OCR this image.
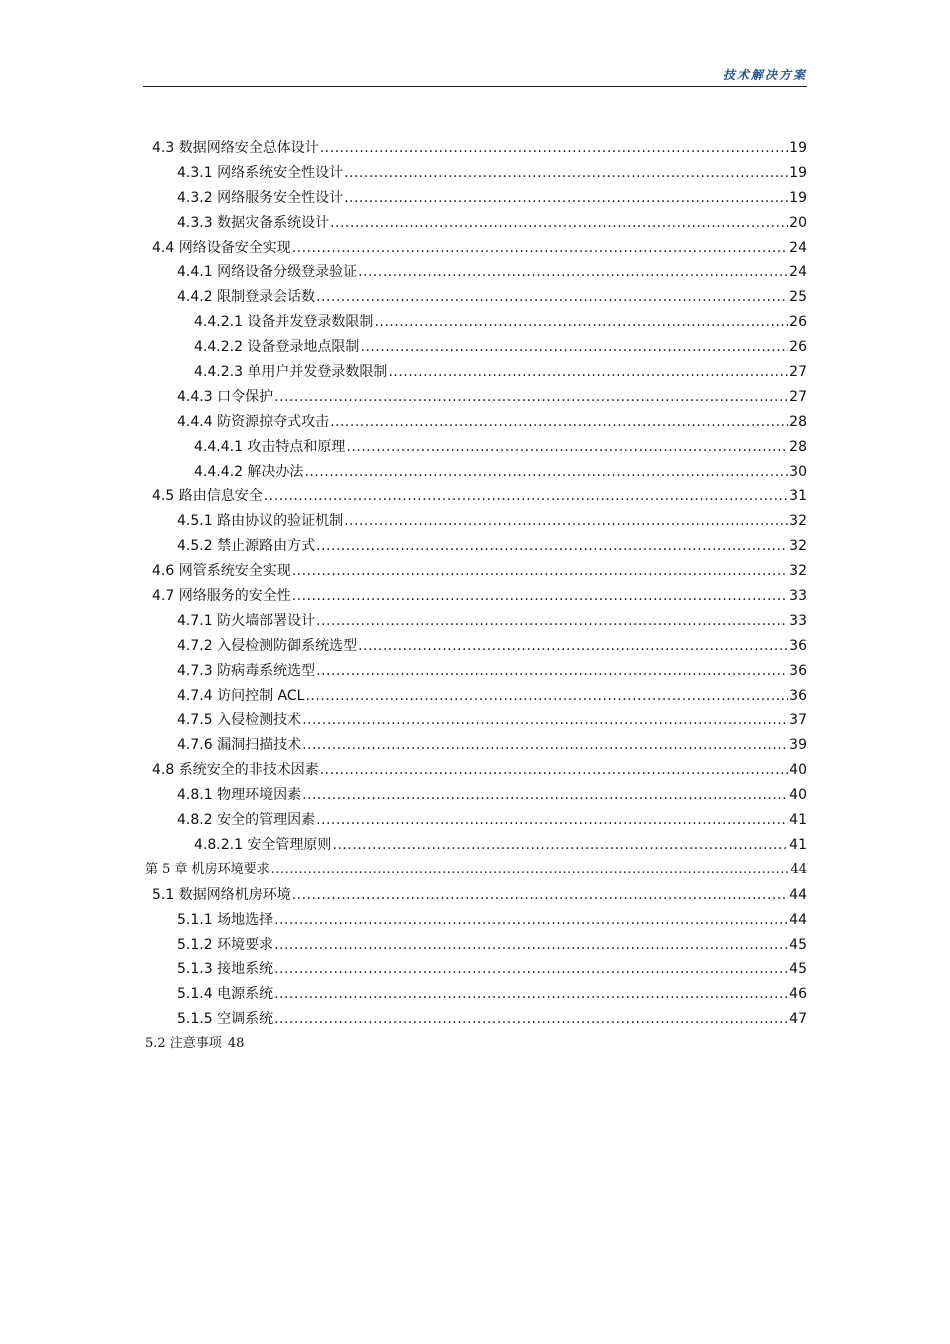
技术解决方案
4.3 数据网络安全总体设计 .....	19
4.3.1 网络系统安全性设计 .....	19
4.3.2 网络服务安全性设计 .....	19
4.3.3 数据灾备系统设计 .....	20
4.4 网络设备安全实现 .....	24
4.4.1 网络设备分级登录验证 .....	24
4.4.2 限制登录会话数 .....	25
4.4.2.1 设备并发登录数限制 .....	26
4.4.2.2 设备登录地点限制 .....	26
4.4.2.3 单用户并发登录数限制 .....	27
4.4.3 口令保护 .....	27
4.4.4 防资源掠夺式攻击 .....	28
4.4.4.1 攻击特点和原理 .....	28
4.4.4.2 解决办法 .....	30
4.5 路由信息安全 .....	31
4.5.1 路由协议的验证机制 .....	32
4.5.2 禁止源路由方式 .....	32
4.6 网管系统安全实现 .....	32
4.7 网络服务的安全性 .....	33
4.7.1 防火墙部署设计 .....	33
4.7.2 入侵检测防御系统选型 .....	36
4.7.3 防病毒系统选型 .....	36
4.7.4 访问控制 ACL .....	36
4.7.5 入侵检测技术 .....	37
4.7.6 漏洞扫描技术 .....	39
4.8 系统安全的非技术因素 .....	40
4.8.1 物理环境因素 .....	40
4.8.2 安全的管理因素 .....	41
4.8.2.1 安全管理原则 .....	41
第 5 章 机房环境要求 .....	44
5.1 数据网络机房环境 .....	44
5.1.1 场地选择 .....	44
5.1.2 环境要求 .....	45
5.1.3 接地系统 .....	45
5.1.4 电源系统 .....	46
5.1.5 空调系统 .....	47
5.2 注意事项 48
